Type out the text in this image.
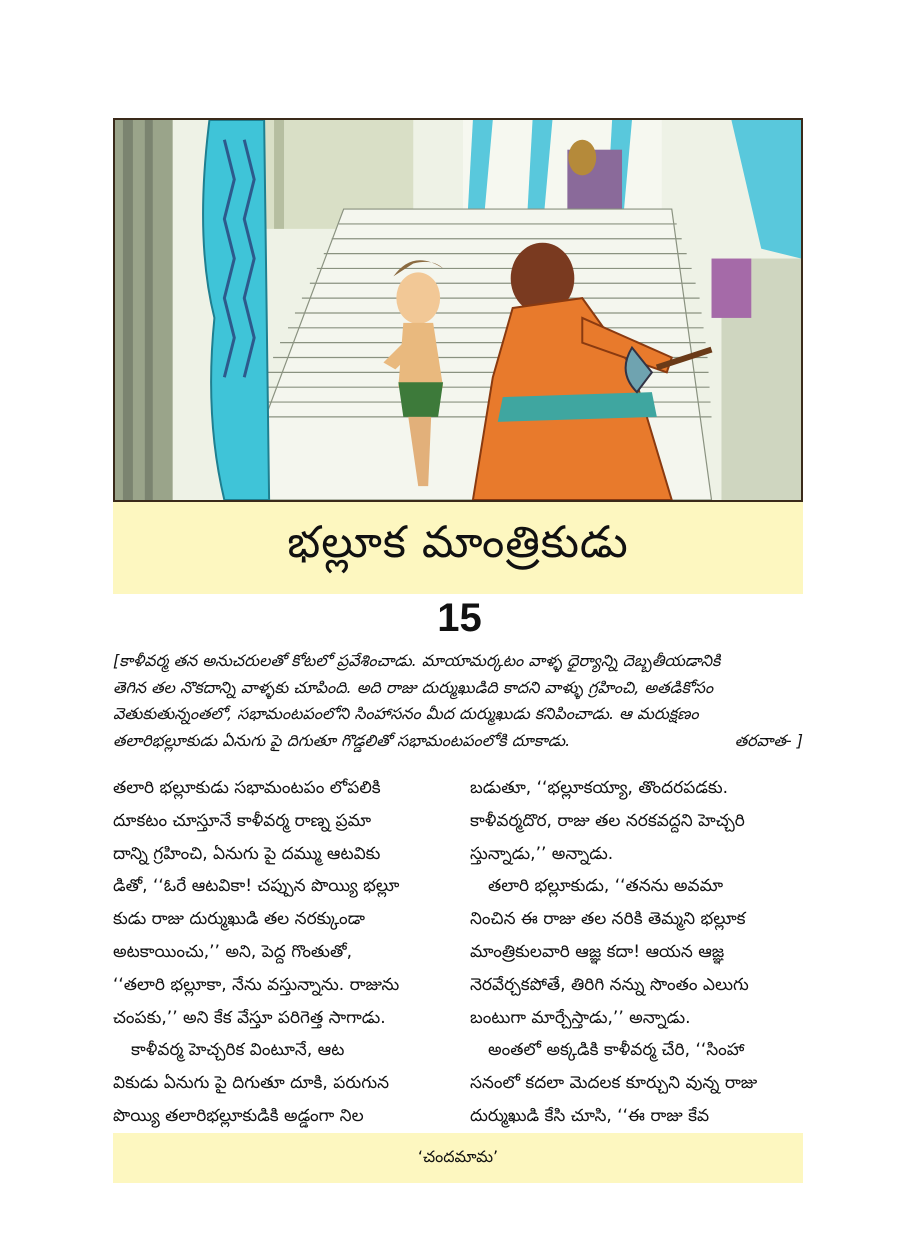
భల్లూక మాంత్రికుడు
15
[కాళీవర్మ తన అనుచరులతో కోటలో ప్రవేశించాడు. మాయామర్కటం వాళ్ళ ధైర్యాన్ని దెబ్బతీయడానికి
తెగిన తల నొకదాన్ని వాళ్ళకు చూపింది. అది రాజు దుర్ముఖుడిది కాదని వాళ్ళు గ్రహించి, అతడికోసం
వెతుకుతున్నంతలో, సభామంటపంలోని సింహాసనం మీద దుర్ముఖుడు కనిపించాడు. ఆ మరుక్షణం
తలారిభల్లూకుడు ఏనుగు పై దిగుతూ గొడ్డలితో సభామంటపంలోకి దూకాడు.	తరవాత- ]
తలారి భల్లూకుడు సభామంటపం లోపలికి
దూకటం చూస్తూనే కాళీవర్మ రాణ్న ప్రమా
దాన్ని గ్రహించి, ఏనుగు పై దమ్ము ఆటవికు
డితో, ‘‘ఓరే ఆటవికా! చప్పున పొయ్యి భల్లూ
కుడు రాజు దుర్ముఖుడి తల నరక్కుండా
అటకాయించు,’’ అని, పెద్ద గొంతుతో,
‘‘తలారి భల్లూకా, నేను వస్తున్నాను. రాజును
చంపకు,’’ అని కేక వేస్తూ పరిగెత్త సాగాడు.
కాళీవర్మ హెచ్చరిక వింటూనే, ఆట
వికుడు ఏనుగు పై దిగుతూ దూకి, పరుగున
పొయ్యి తలారిభల్లూకుడికి అడ్డంగా నిల
బడుతూ, ‘‘భల్లూకయ్యా, తొందరపడకు.
కాళీవర్మదొర, రాజు తల నరకవద్దని హెచ్చరి
స్తున్నాడు,’’ అన్నాడు.
తలారి భల్లూకుడు, ‘‘తనను అవమా
నించిన ఈ రాజు తల నరికి తెమ్మని భల్లూక
మాంత్రికులవారి ఆజ్ఞ కదా! ఆయన ఆజ్ఞ
నెరవేర్చకపోతే, తిరిగి నన్ను సొంతం ఎలుగు
బంటుగా మార్చేస్తాడు,’’ అన్నాడు.
అంతలో అక్కడికి కాళీవర్మ చేరి, ‘‘సింహా
సనంలో కదలా మెదలక కూర్చుని వున్న రాజు
దుర్ముఖుడి కేసి చూసి, ‘‘ఈ రాజు కేవ
‘చందమామ’
